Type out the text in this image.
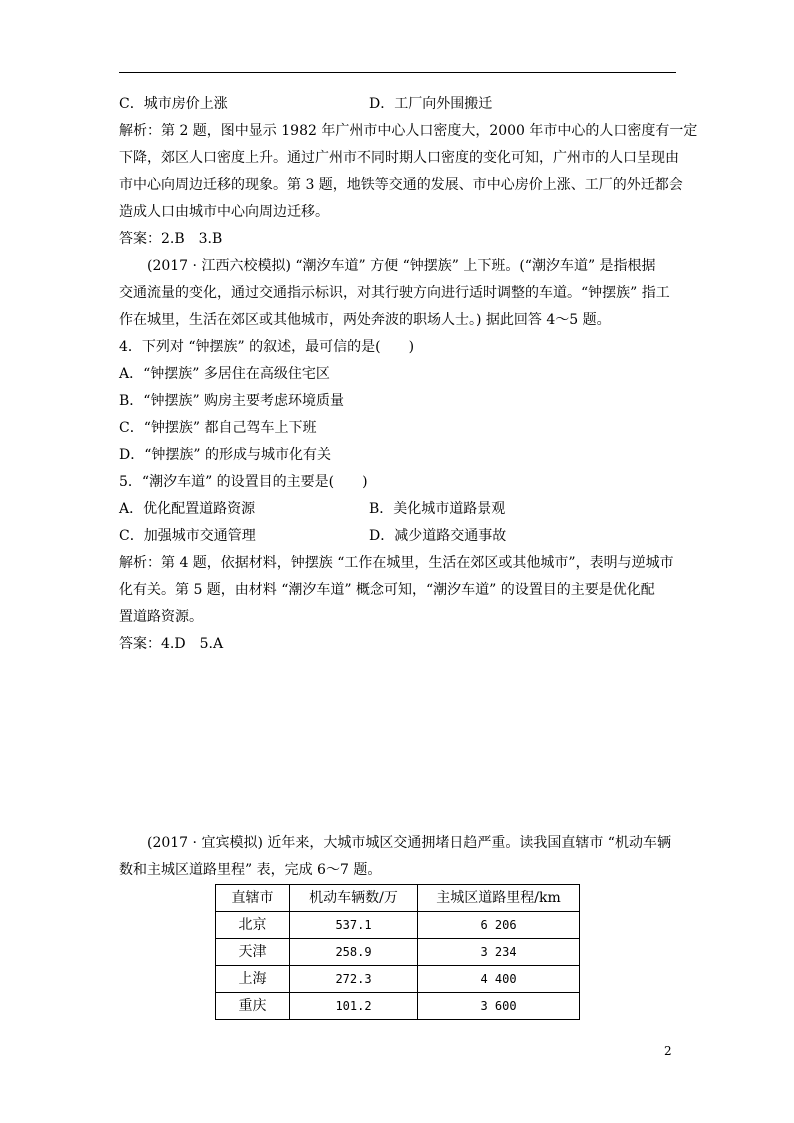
C．城市房价上涨	D．工厂向外围搬迁
解析：第 2 题，图中显示 1982 年广州市中心人口密度大，2000 年市中心的人口密度有一定
下降，郊区人口密度上升。通过广州市不同时期人口密度的变化可知，广州市的人口呈现由
市中心向周边迁移的现象。第 3 题，地铁等交通的发展、市中心房价上涨、工厂的外迁都会
造成人口由城市中心向周边迁移。
答案：2.B　3.B
(2017 · 江西六校模拟) “潮汐车道” 方便 “钟摆族” 上下班。(“潮汐车道” 是指根据
交通流量的变化，通过交通指示标识，对其行驶方向进行适时调整的车道。“钟摆族” 指工
作在城里，生活在郊区或其他城市，两处奔波的职场人士。) 据此回答 4～5 题。
4．下列对 “钟摆族” 的叙述，最可信的是(　　)
A．“钟摆族” 多居住在高级住宅区
B．“钟摆族” 购房主要考虑环境质量
C．“钟摆族” 都自己驾车上下班
D．“钟摆族” 的形成与城市化有关
5．“潮汐车道” 的设置目的主要是(　　)
A．优化配置道路资源	B．美化城市道路景观
C．加强城市交通管理	D．减少道路交通事故
解析：第 4 题，依据材料，钟摆族 “工作在城里，生活在郊区或其他城市”，表明与逆城市
化有关。第 5 题，由材料 “潮汐车道” 概念可知，“潮汐车道” 的设置目的主要是优化配
置道路资源。
答案：4.D　5.A
(2017 · 宜宾模拟) 近年来，大城市城区交通拥堵日趋严重。读我国直辖市 “机动车辆
数和主城区道路里程” 表，完成 6～7 题。
直辖市	机动车辆数/万	主城区道路里程/km
北京	537.1	6 206
天津	258.9	3 234
上海	272.3	4 400
重庆	101.2	3 600
2
